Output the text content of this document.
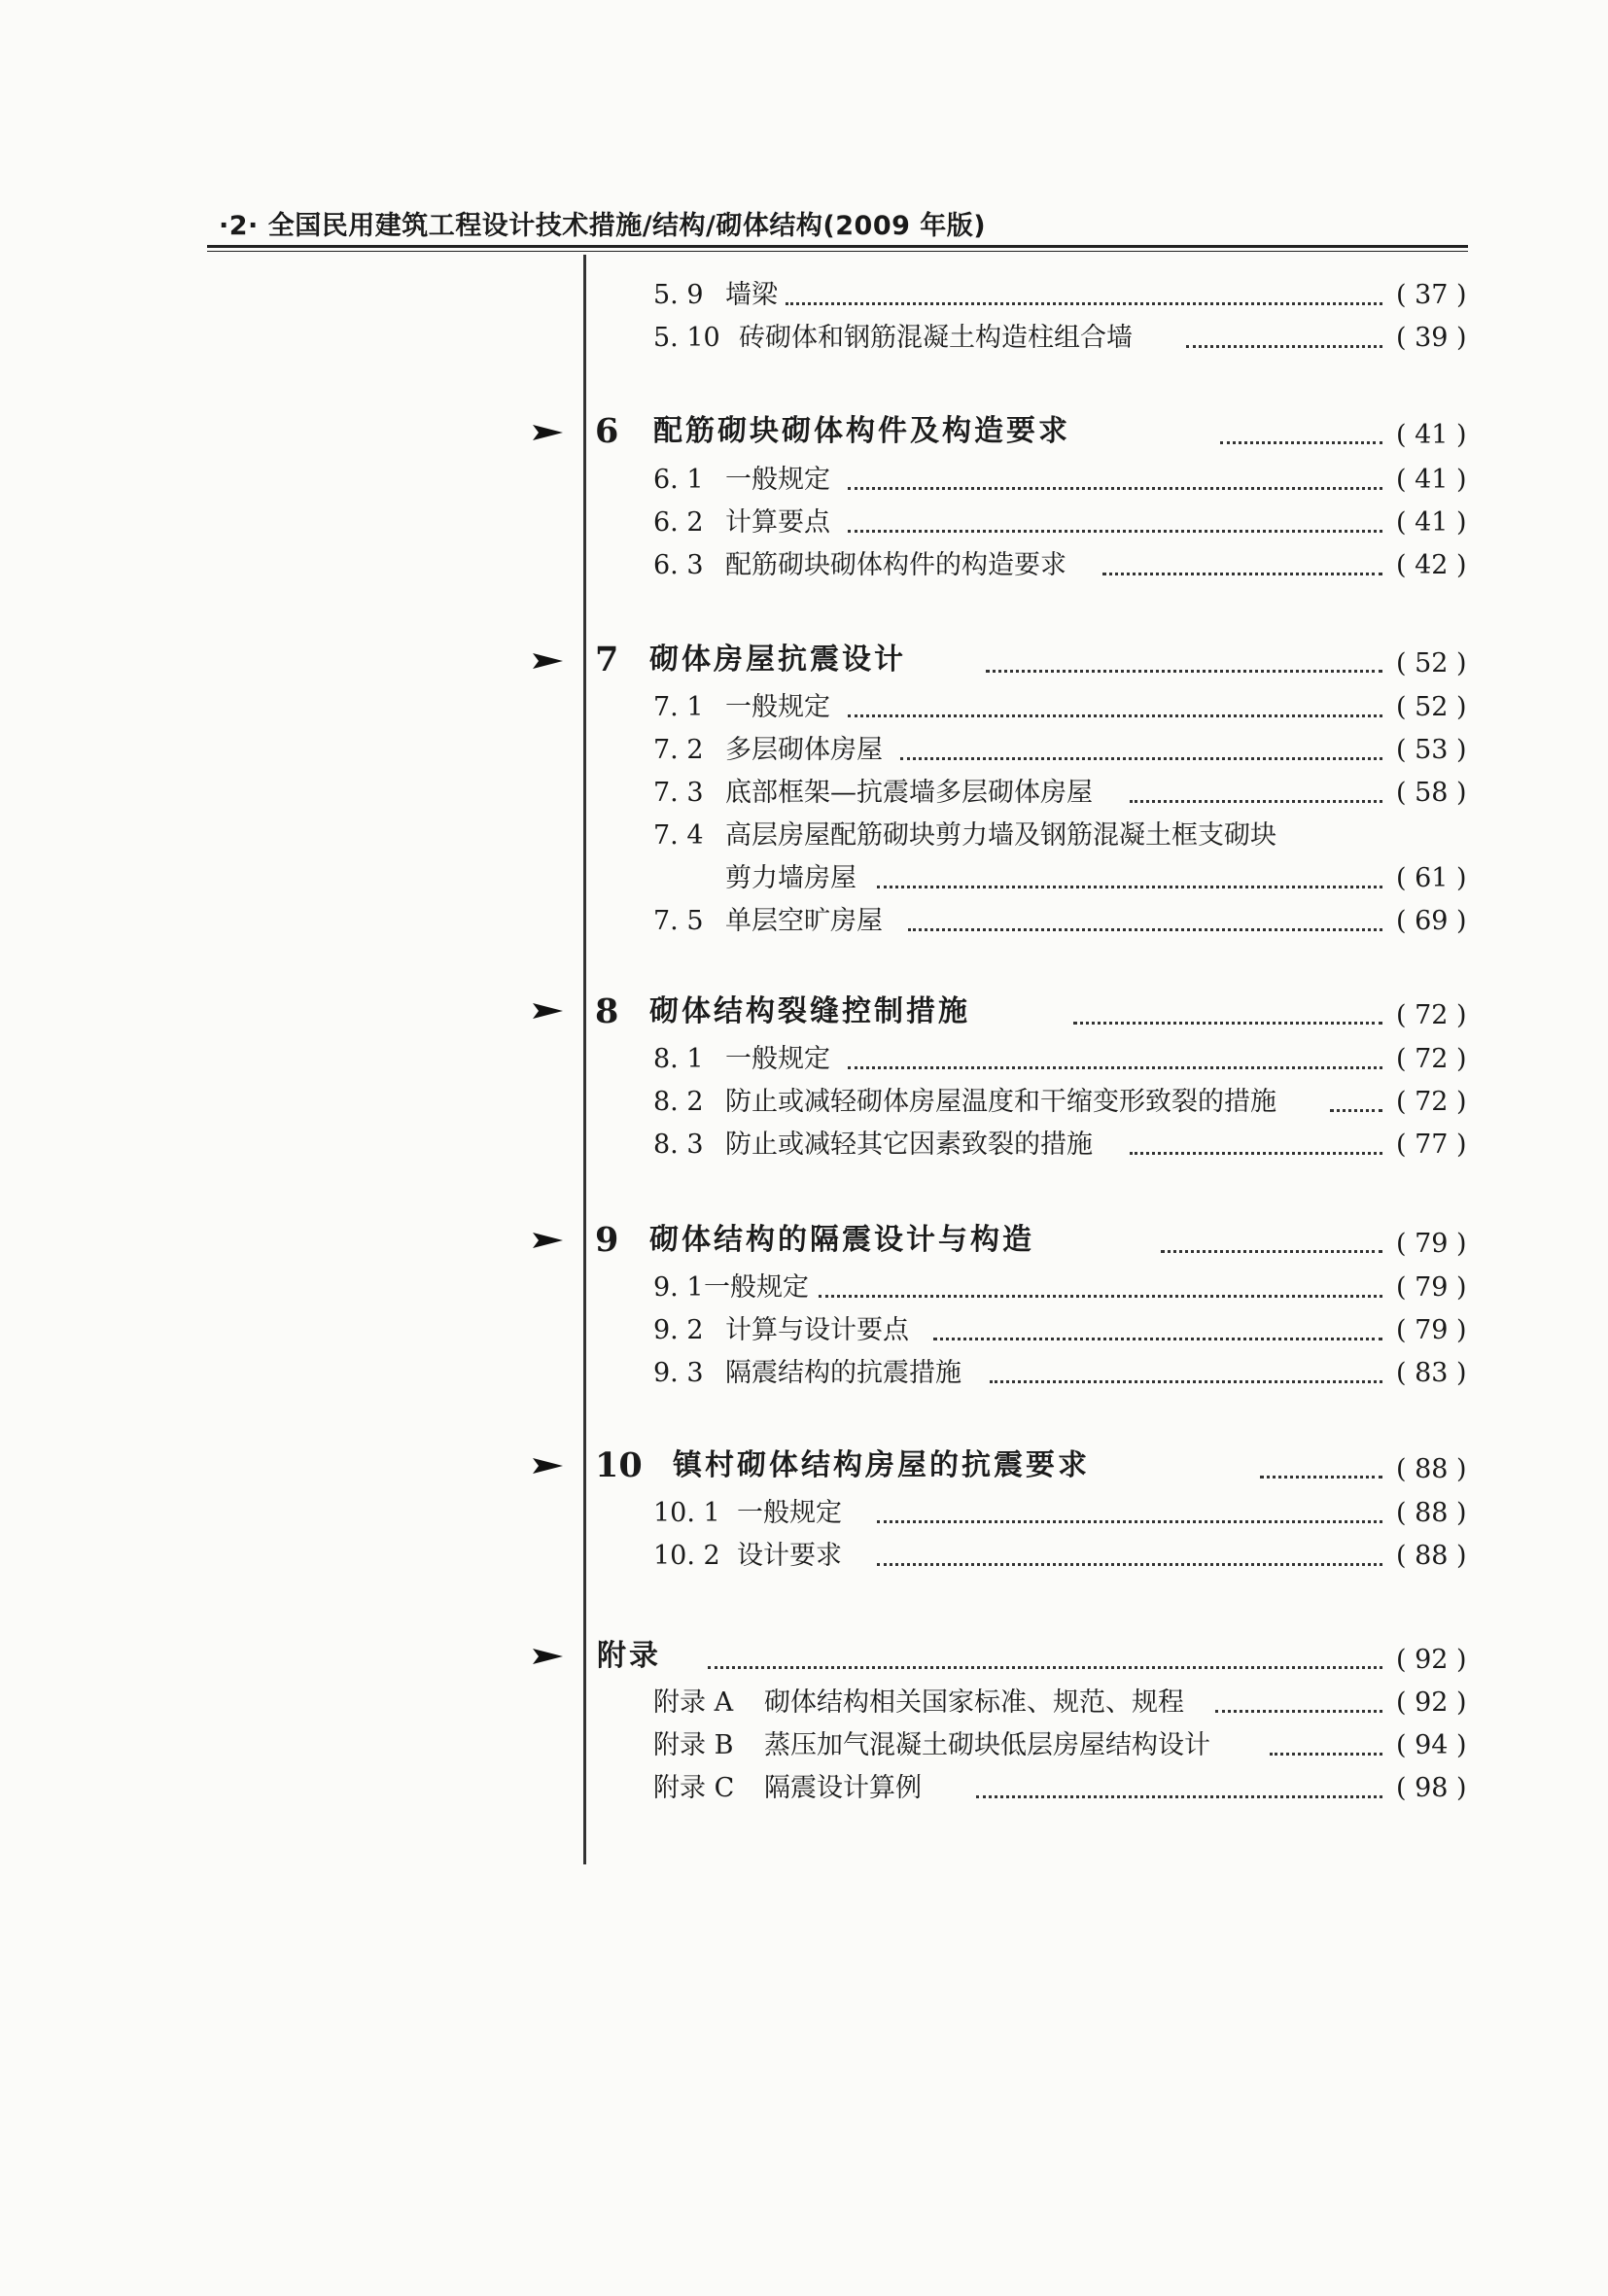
·2· 全国民用建筑工程设计技术措施/结构/砌体结构(2009 年版)
5. 9 墙梁	( 37 )
5. 10 砖砌体和钢筋混凝土构造柱组合墙	( 39 )
6 配筋砌块砌体构件及构造要求	( 41 )
6. 1 一般规定	( 41 )
6. 2 计算要点	( 41 )
6. 3 配筋砌块砌体构件的构造要求	( 42 )
7 砌体房屋抗震设计	( 52 )
7. 1 一般规定	( 52 )
7. 2 多层砌体房屋	( 53 )
7. 3 底部框架—抗震墙多层砌体房屋	( 58 )
7. 4 高层房屋配筋砌块剪力墙及钢筋混凝土框支砌块
剪力墙房屋	( 61 )
7. 5 单层空旷房屋	( 69 )
8 砌体结构裂缝控制措施	( 72 )
8. 1 一般规定	( 72 )
8. 2 防止或减轻砌体房屋温度和干缩变形致裂的措施	( 72 )
8. 3 防止或减轻其它因素致裂的措施	( 77 )
9 砌体结构的隔震设计与构造	( 79 )
9. 1 一般规定	( 79 )
9. 2 计算与设计要点	( 79 )
9. 3 隔震结构的抗震措施	( 83 )
10 镇村砌体结构房屋的抗震要求	( 88 )
10. 1 一般规定	( 88 )
10. 2 设计要求	( 88 )
附录	( 92 )
附录 A 砌体结构相关国家标准、规范、规程	( 92 )
附录 B 蒸压加气混凝土砌块低层房屋结构设计	( 94 )
附录 C 隔震设计算例	( 98 )
